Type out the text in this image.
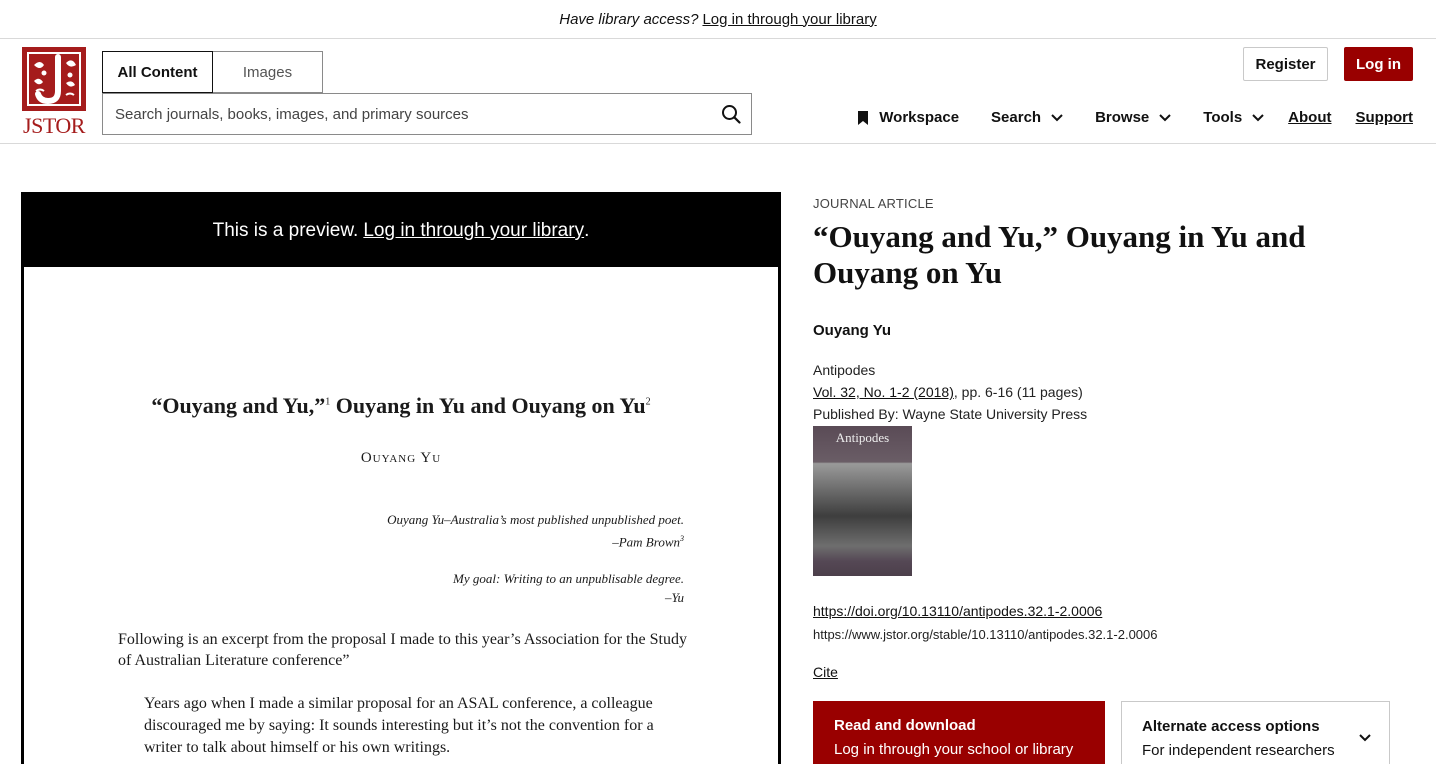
Have library access? Log in through your library
JSTOR
All Content	Images
Search journals, books, images, and primary sources	Register	Log in
Workspace Search	Browse	Tools	About Support
This is a preview. Log in through your library .
“Ouyang and Yu,”$^1$ Ouyang in Yu and Ouyang on Yu$^2$
Ouyang Yu
Ouyang Yu–Australia’s most published unpublished poet.
–Pam Brown$^3$
My goal: Writing to an unpublisable degree.
–Yu
Following is an excerpt from the proposal I made to this year’s Association for the Study of Australian Literature conference”
Years ago when I made a similar proposal for an ASAL conference, a colleague discouraged me by saying: It sounds interesting but it’s not the convention for a writer to talk about himself or his own writings.
JOURNAL ARTICLE
“Ouyang and Yu,” Ouyang in Yu and Ouyang on Yu
Ouyang Yu
Antipodes
Vol. 32, No. 1-2 (2018), pp. 6-16 (11 pages)
Published By: Wayne State University Press
Antipodes
https://doi.org/10.13110/antipodes.32.1-2.0006
https://www.jstor.org/stable/10.13110/antipodes.32.1-2.0006
Cite
Read and download
Log in through your school or library
Alternate access options
For independent researchers
